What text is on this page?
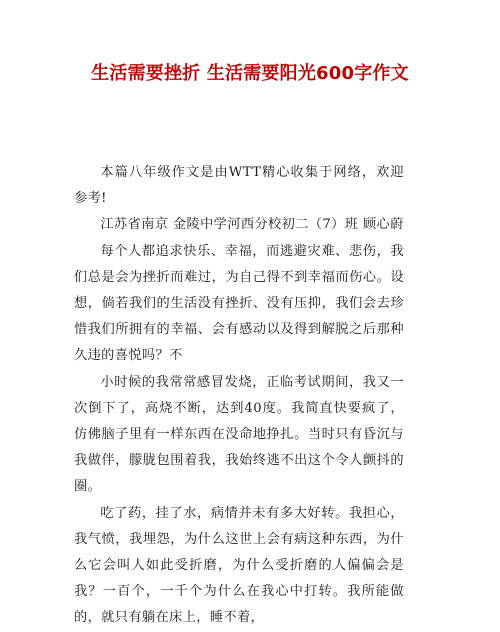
生活需要挫折 生活需要阳光600字作文

本篇八年级作文是由WTT精心收集于网络，欢迎参考!

江苏省南京 金陵中学河西分校初二（7）班 顾心蔚

每个人都追求快乐、幸福，而逃避灾难、悲伤，我们总是会为挫折而难过，为自己得不到幸福而伤心。设想，倘若我们的生活没有挫折、没有压抑，我们会去珍惜我们所拥有的幸福、会有感动以及得到解脱之后那种久违的喜悦吗？不

小时候的我常常感冒发烧，正临考试期间，我又一次倒下了，高烧不断，达到40度。我简直快要疯了，仿佛脑子里有一样东西在没命地挣扎。当时只有昏沉与我做伴，朦胧包围着我，我始终逃不出这个令人颤抖的圈。

吃了药，挂了水，病情并未有多大好转。我担心，我气愤，我埋怨，为什么这世上会有病这种东西，为什么它会叫人如此受折磨，为什么受折磨的人偏偏会是我？一百个，一千个为什么在我心中打转。我所能做的，就只有躺在床上，睡不着，
